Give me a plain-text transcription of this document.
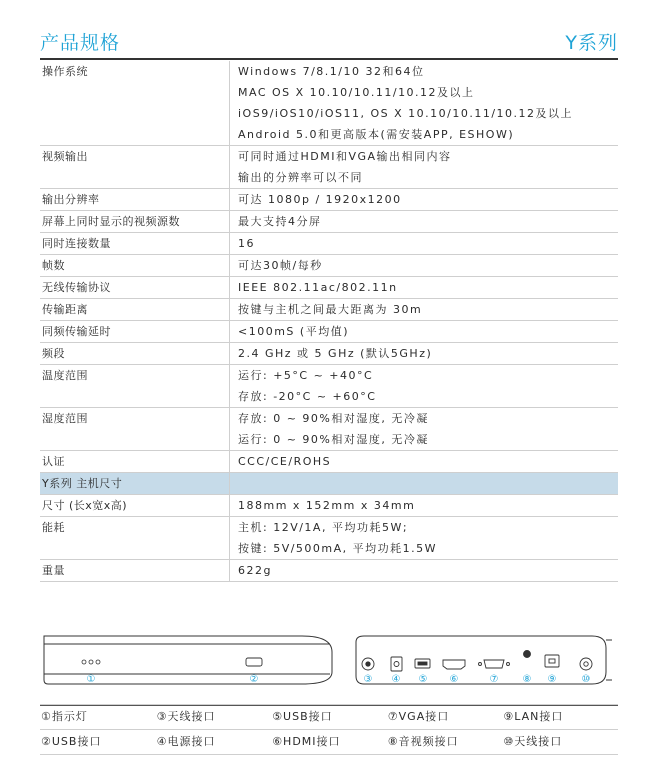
产品规格	Y系列
操作系统	Windows 7/8.1/10 32和64位
MAC OS X 10.10/10.11/10.12及以上
iOS9/iOS10/iOS11, OS X 10.10/10.11/10.12及以上
Android 5.0和更高版本(需安装APP, ESHOW)

视频输出	可同时通过HDMI和VGA输出相同内容
输出的分辨率可以不同

输出分辨率	可达 1080p / 1920x1200

屏幕上同时显示的视频源数	最大支持4分屏

同时连接数量	16

帧数	可达30帧/每秒

无线传输协议	IEEE 802.11ac/802.11n

传输距离	按键与主机之间最大距离为 30m

同频传输延时	<100mS (平均值)

频段	2.4 GHz 或 5 GHz (默认5GHz)

温度范围	运行: +5°C ~ +40°C
存放: -20°C ~ +60°C

湿度范围	存放: 0 ~ 90%相对湿度, 无冷凝
运行: 0 ~ 90%相对湿度, 无冷凝

认证	CCC/CE/ROHS

Y系列 主机尺寸	

尺寸 (长x宽x高)	188mm x 152mm x 34mm

能耗	主机: 12V/1A, 平均功耗5W;
按键: 5V/500mA, 平均功耗1.5W

重量	622g
①	②	③ ④ ⑤ ⑥	⑦ ⑧ ⑨	⑩
①指示灯	③天线接口	⑤USB接口	⑦VGA接口	⑨LAN接口
②USB接口	④电源接口	⑥HDMI接口	⑧音视频接口	⑩天线接口
